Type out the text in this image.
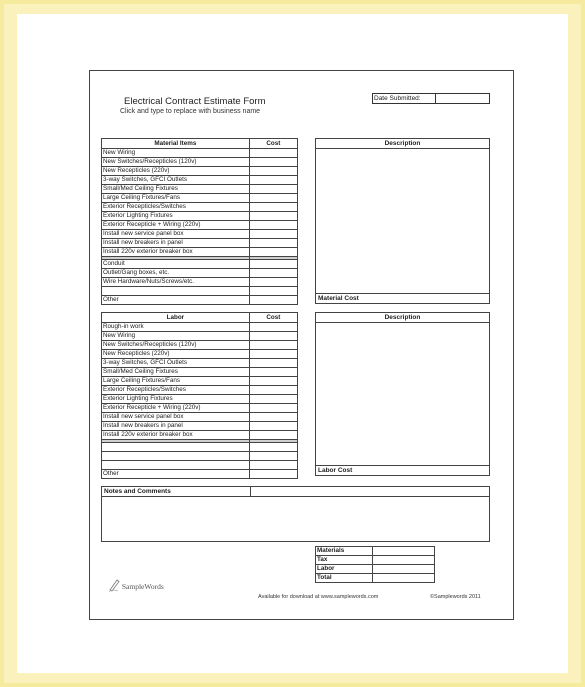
Electrical Contract Estimate Form
Click and type to replace with business name
Date Submitted:
Material Items	Cost
New Wiring	
New Switches/Recepticles (120v)	
New Recepticles (220v)	
3-way Switches, GFCI Outlets	
Small/Med Ceiling Fixtures	
Large Ceiling Fixtures/Fans	
Exterior Recepticles/Switches	
Exterior Lighting Fixtures	
Exterior Recepticle + Wiring (220v)	
Install new service panel box	
Install new breakers in panel	
Install 220v exterior breaker box	

Conduit	
Outlet/Gang boxes, etc.	
Wire Hardware/Nuts/Screws/etc.	

Other	
Description
Material Cost
Labor	Cost
Rough-in work	
New Wiring	
New Switches/Recepticles (120v)	
New Recepticles (220v)	
3-way Switches, GFCI Outlets	
Small/Med Ceiling Fixtures	
Large Ceiling Fixtures/Fans	
Exterior Recepticles/Switches	
Exterior Lighting Fixtures	
Exterior Recepticle + Wiring (220v)	
Install new service panel box	
Install new breakers in panel	
Install 220v exterior breaker box	

Other	
Description
Labor Cost
Notes and Comments
Materials	
Tax	
Labor	
Total	
SampleWords
Available for download at www.samplewords.com	©Samplewords 2011
